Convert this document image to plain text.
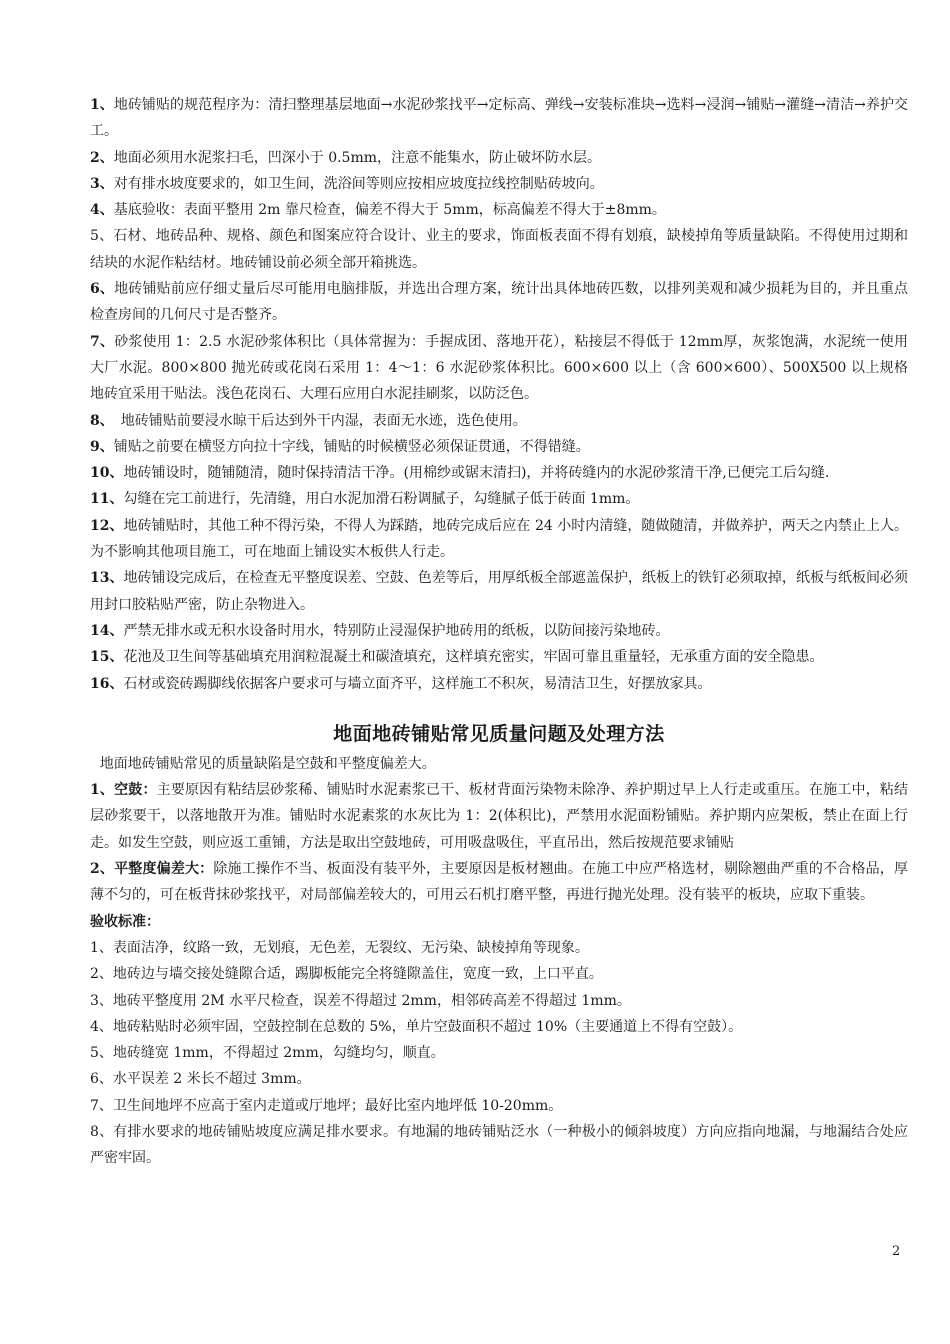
1、地砖铺贴的规范程序为：清扫整理基层地面→水泥砂浆找平→定标高、弹线→安装标准块→选料→浸润→铺贴→灌缝→清洁→养护交工。

2、地面必须用水泥浆扫毛，凹深小于 0.5mm，注意不能集水，防止破坏防水层。

3、对有排水坡度要求的，如卫生间，洗浴间等则应按相应坡度拉线控制贴砖坡向。

4、基底验收：表面平整用 2m 靠尺检查，偏差不得大于 5mm，标高偏差不得大于±8mm。

5、石材、地砖品种、规格、颜色和图案应符合设计、业主的要求，饰面板表面不得有划痕，缺棱掉角等质量缺陷。不得使用过期和结块的水泥作粘结材。地砖铺设前必须全部开箱挑选。

6、地砖铺贴前应仔细丈量后尽可能用电脑排版，并选出合理方案，统计出具体地砖匹数，以排列美观和减少损耗为目的，并且重点检查房间的几何尺寸是否整齐。

7、砂浆使用 1：2.5 水泥砂浆体积比（具体常握为：手握成团、落地开花），粘接层不得低于 12mm厚，灰浆饱满，水泥统一使用大厂水泥。800×800 抛光砖或花岗石采用 1：4～1：6 水泥砂浆体积比。600×600 以上（含 600×600）、500X500 以上规格地砖宜采用干贴法。浅色花岗石、大理石应用白水泥挂刷浆，以防泛色。

8、　地砖铺贴前要浸水晾干后达到外干内湿，表面无水迹，选色使用。

9、铺贴之前要在横竖方向拉十字线，铺贴的时候横竖必须保证贯通，不得错缝。

10、地砖铺设时，随铺随清，随时保持清洁干净。(用棉纱或锯末清扫)，并将砖缝内的水泥砂浆清干净,已便完工后勾缝.

11、勾缝在完工前进行，先清缝，用白水泥加滑石粉调腻子，勾缝腻子低于砖面 1mm。

12、地砖铺贴时，其他工种不得污染，不得人为踩踏，地砖完成后应在 24 小时内清缝，随做随清，并做养护，两天之内禁止上人。为不影响其他项目施工，可在地面上铺设实木板供人行走。

13、地砖铺设完成后，在检查无平整度误差、空鼓、色差等后，用厚纸板全部遮盖保护，纸板上的铁钉必须取掉，纸板与纸板间必须用封口胶粘贴严密，防止杂物进入。

14、严禁无排水或无积水设备时用水，特别防止浸湿保护地砖用的纸板，以防间接污染地砖。

15、花池及卫生间等基础填充用润粒混凝土和碳渣填充，这样填充密实，牢固可靠且重量轻，无承重方面的安全隐患。

16、石材或瓷砖踢脚线依据客户要求可与墙立面齐平，这样施工不积灰，易清洁卫生，好摆放家具。

地面地砖铺贴常见质量问题及处理方法

地面地砖铺贴常见的质量缺陷是空鼓和平整度偏差大。

1、空鼓：主要原因有粘结层砂浆稀、铺贴时水泥素浆已干、板材背面污染物未除净、养护期过早上人行走或重压。在施工中，粘结层砂浆要干，以落地散开为准。铺贴时水泥素浆的水灰比为 1：2(体积比)，严禁用水泥面粉铺贴。养护期内应架板，禁止在面上行走。如发生空鼓，则应返工重铺，方法是取出空鼓地砖，可用吸盘吸住，平直吊出，然后按规范要求铺贴

2、平整度偏差大：除施工操作不当、板面没有装平外，主要原因是板材翘曲。在施工中应严格选材，剔除翘曲严重的不合格品，厚薄不匀的，可在板背抹砂浆找平，对局部偏差较大的，可用云石机打磨平整，再进行抛光处理。没有装平的板块，应取下重装。

验收标准：

1、表面洁净，纹路一致，无划痕，无色差，无裂纹、无污染、缺棱掉角等现象。

2、地砖边与墙交接处缝隙合适，踢脚板能完全将缝隙盖住，宽度一致，上口平直。

3、地砖平整度用 2M 水平尺检查，误差不得超过 2mm，相邻砖高差不得超过 1mm。

4、地砖粘贴时必须牢固，空鼓控制在总数的 5%，单片空鼓面积不超过 10%（主要通道上不得有空鼓）。

5、地砖缝宽 1mm，不得超过 2mm，勾缝均匀，顺直。

6、水平误差 2 米长不超过 3mm。

7、卫生间地坪不应高于室内走道或厅地坪；最好比室内地坪低 10-20mm。

8、有排水要求的地砖铺贴坡度应满足排水要求。有地漏的地砖铺贴泛水（一种极小的倾斜坡度）方向应指向地漏，与地漏结合处应严密牢固。

2
